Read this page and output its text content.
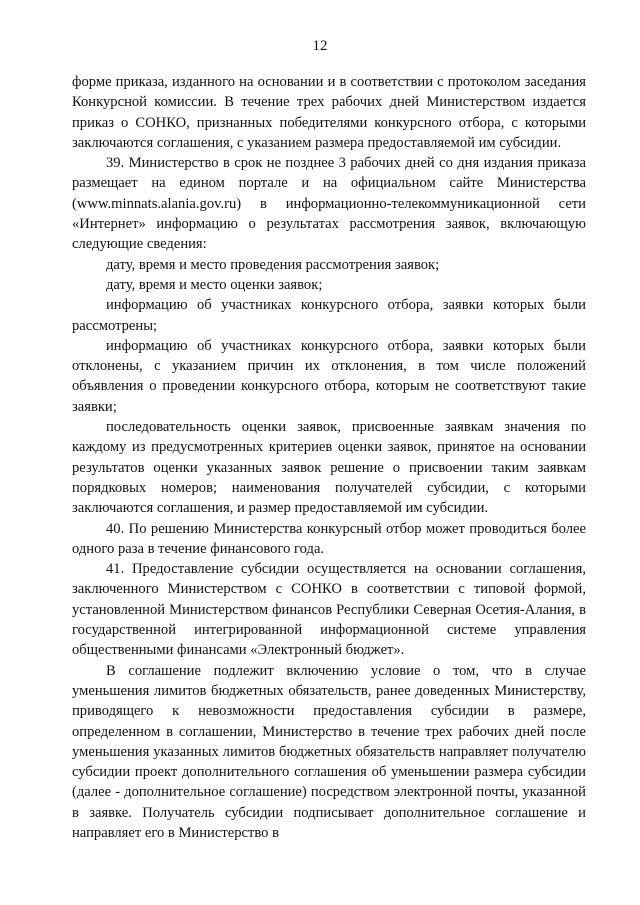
12

форме приказа, изданного на основании и в соответствии с протоколом заседания Конкурсной комиссии. В течение трех рабочих дней Министерством издается приказ о СОНКО, признанных победителями конкурсного отбора, с которыми заключаются соглашения, с указанием размера предоставляемой им субсидии.

39. Министерство в срок не позднее 3 рабочих дней со дня издания приказа размещает на едином портале и на официальном сайте Министерства (www.minnats.alania.gov.ru) в информационно-телекоммуникационной сети «Интернет» информацию о результатах рассмотрения заявок, включающую следующие сведения:

дату, время и место проведения рассмотрения заявок;

дату, время и место оценки заявок;

информацию об участниках конкурсного отбора, заявки которых были рассмотрены;

информацию об участниках конкурсного отбора, заявки которых были отклонены, с указанием причин их отклонения, в том числе положений объявления о проведении конкурсного отбора, которым не соответствуют такие заявки;

последовательность оценки заявок, присвоенные заявкам значения по каждому из предусмотренных критериев оценки заявок, принятое на основании результатов оценки указанных заявок решение о присвоении таким заявкам порядковых номеров; наименования получателей субсидии, с которыми заключаются соглашения, и размер предоставляемой им субсидии.

40. По решению Министерства конкурсный отбор может проводиться более одного раза в течение финансового года.

41. Предоставление субсидии осуществляется на основании соглашения, заключенного Министерством с СОНКО в соответствии с типовой формой, установленной Министерством финансов Республики Северная Осетия-Алания, в государственной интегрированной информационной системе управления общественными финансами «Электронный бюджет».

В соглашение подлежит включению условие о том, что в случае уменьшения лимитов бюджетных обязательств, ранее доведенных Министерству, приводящего к невозможности предоставления субсидии в размере, определенном в соглашении, Министерство в течение трех рабочих дней после уменьшения указанных лимитов бюджетных обязательств направляет получателю субсидии проект дополнительного соглашения об уменьшении размера субсидии (далее - дополнительное соглашение) посредством электронной почты, указанной в заявке. Получатель субсидии подписывает дополнительное соглашение и направляет его в Министерство в
